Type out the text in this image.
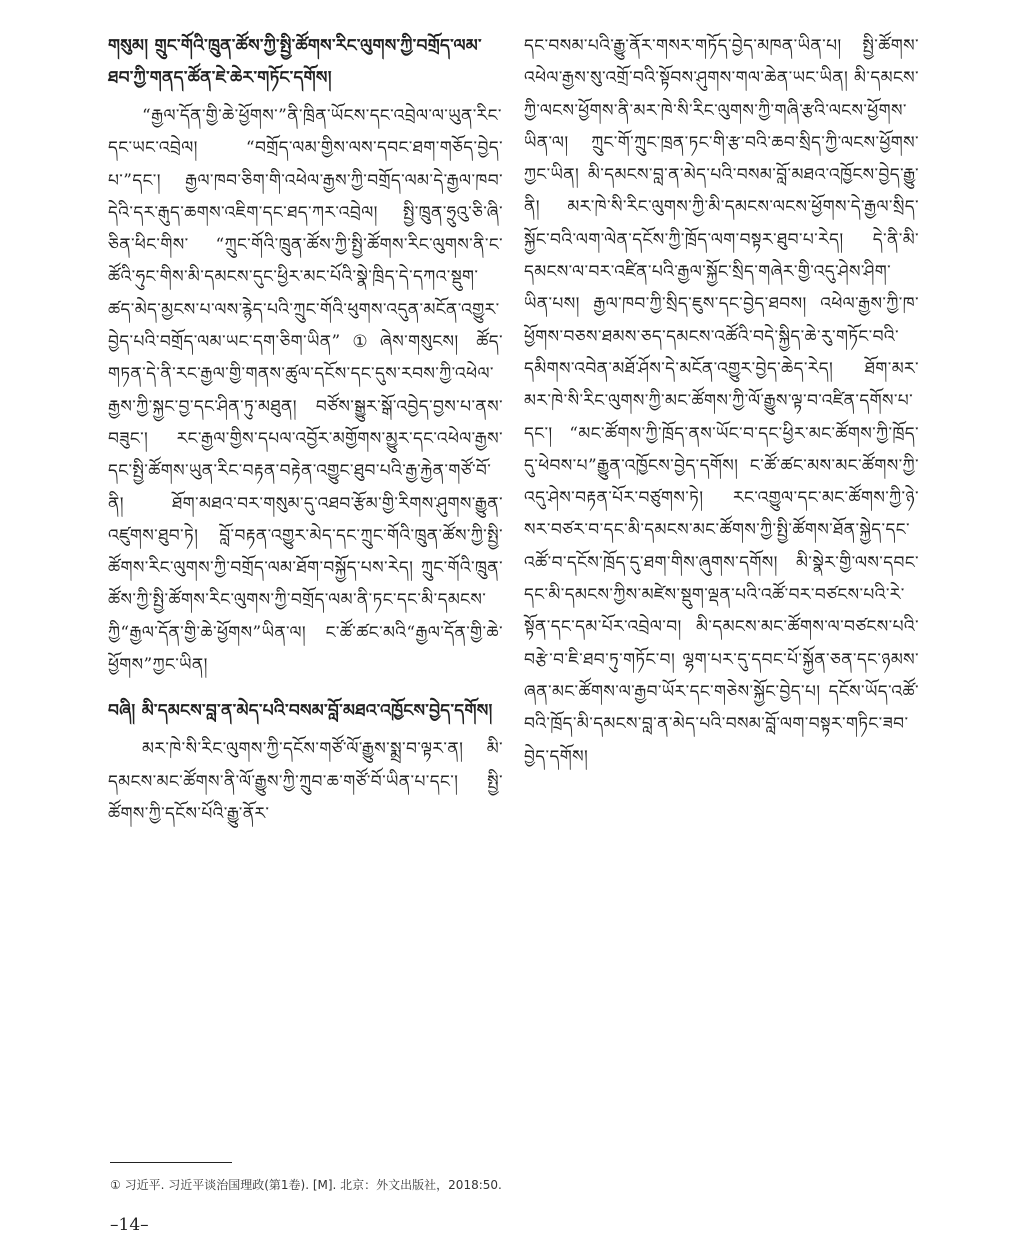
གསུམ། གྲུང་གོའི་ཁྲུན་ཚོས་ཀྱི་སྤྱི་ཚོགས་རིང་ལུགས་ཀྱི་བགྲོད་ལམ་ཐབ་ཀྱི་གནད་ཚོན་ཇེ་ཆེར་གཏོང་དགོས།

“རྒྱལ་དོན་གྱི་ཆེ་ཕྱོགས་”ནི་ཁྲིན་ཡོངས་དང་འབྲེལ་ལ་ཡུན་རིང་དང་ཡང་འབྲེལ། “བགྲོད་ལམ་གྱིས་ལས་དབང་ཐག་གཅོད་བྱེད་པ་”དང་། རྒྱལ་ཁབ་ཅིག་གི་འཕེལ་རྒྱས་ཀྱི་བགྲོད་ལམ་དེ་རྒྱལ་ཁབ་དེའི་དར་རྒུད་ཆགས་འཇིག་དང་ཐད་ཀར་འབྲེལ། སྤྱི་ཁྲུན་ཧྲུའུ་ཅི་ཞི་ཅིན་ཕིང་གིས་ “ཀྲུང་གོའི་ཁྲུན་ཚོས་ཀྱི་སྤྱི་ཚོགས་རིང་ལུགས་ནི་ང་ཚོའི་ཧུང་གིས་མི་དམངས་དུང་ཕྱིར་མང་པོའི་སྣེ་ཁྲིད་དེ་དཀའ་སྡུག་ཚད་མེད་མྱངས་པ་ལས་རྙེད་པའི་ཀྲུང་གོའི་ཕུགས་འདུན་མངོན་འགྱུར་བྱེད་པའི་བགྲོད་ལམ་ཡང་དག་ཅིག་ཡིན”①ཞེས་གསུངས། ཚོད་གཏན་དེ་ནི་རང་རྒྱལ་གྱི་གནས་ཚུལ་དངོས་དང་དུས་རབས་ཀྱི་འཕེལ་རྒྱས་ཀྱི་སྐྱང་བྱ་དང་ཤིན་ཏུ་མཐུན། བཙོས་སྒྱུར་སྒོ་འབྱེད་བྱས་པ་ནས་བཟུང་། རང་རྒྱལ་གྱིས་དཔལ་འབྱོར་མགྱོགས་མྱུར་དང་འཕེལ་རྒྱས་དང་སྤྱི་ཚོགས་ཡུན་རིང་བརྟན་བརྟེན་འགྱུང་ཐུབ་པའི་རྒྱ་རྐྱེན་གཙོ་བོ་ནི། ཐོག་མཐའ་བར་གསུམ་དུ་འཐབ་རྩོམ་གྱི་རིགས་ཤུགས་རྒྱུན་འཛུགས་ཐུབ་ཏེ། བློ་བརྟན་འགྱུར་མེད་དང་ཀྲུང་གོའི་ཁྲུན་ཚོས་ཀྱི་སྤྱི་ཚོགས་རིང་ལུགས་ཀྱི་བགྲོད་ལམ་ཐོག་བསྐྱོད་པས་རེད། ཀྲུང་གོའི་ཁྲུན་ཚོས་ཀྱི་སྤྱི་ཚོགས་རིང་ལུགས་ཀྱི་བགྲོད་ལམ་ནི་ཏང་དང་མི་དམངས་ཀྱི“རྒྱལ་དོན་གྱི་ཆེ་ཕྱོགས”ཡིན་ལ། ང་ཚོ་ཚང་མའི“རྒྱལ་དོན་གྱི་ཆེ་ཕྱོགས”ཀྱང་ཡིན།

བཞི། མི་དམངས་བླ་ན་མེད་པའི་བསམ་བློ་མཐའ་འཁྱོངས་བྱེད་དགོས།

མར་ཁེ་སི་རིང་ལུགས་ཀྱི་དངོས་གཙོ་ལོ་རྒྱུས་སྨྲ་བ་ལྟར་ན། མི་དམངས་མང་ཚོགས་ནི་ལོ་རྒྱུས་ཀྱི་ཀྲུབ་ཆ་གཙོ་བོ་ཡིན་པ་དང་། སྤྱི་ཚོགས་ཀྱི་དངོས་པོའི་རྒྱུ་ནོར་

དང་བསམ་པའི་རྒྱུ་ནོར་གསར་གཏོད་བྱེད་མཁན་ཡིན་པ། སྤྱི་ཚོགས་འཕེལ་རྒྱས་སུ་འགྲོ་བའི་སྟོབས་ཤུགས་གལ་ཆེན་ཡང་ཡིན། མི་དམངས་ཀྱི་ལངས་ཕྱོགས་ནི་མར་ཁེ་སི་རིང་ལུགས་ཀྱི་གཞི་རྩའི་ལངས་ཕྱོགས་ཡིན་ལ། ཀྲུང་གོ་ཀྲུང་ཁྲན་ཏང་གི་རྩ་བའི་ཆབ་སྲིད་ཀྱི་ལངས་ཕྱོགས་ཀྱང་ཡིན། མི་དམངས་བླ་ན་མེད་པའི་བསམ་བློ་མཐའ་འཁྱོངས་བྱེད་རྒྱུ་ནི། མར་ཁེ་སི་རིང་ལུགས་ཀྱི་མི་དམངས་ལངས་ཕྱོགས་དེ་རྒྱལ་སྲིད་སྐྱོང་བའི་ལག་ལེན་དངོས་ཀྱི་ཁྲོད་ལག་བསྟར་ཐུབ་པ་རེད། དེ་ནི་མི་དམངས་ལ་བར་འཛིན་པའི་རྒྱལ་སྐྱོང་སྲིད་གཞེར་གྱི་འདུ་ཤེས་ཤིག་ཡིན་པས། རྒྱལ་ཁབ་ཀྱི་སྲིད་ཇུས་དང་བྱེད་ཐབས། འཕེལ་རྒྱས་ཀྱི་ཁ་ཕྱོགས་བཅས་ཐམས་ཅད་དམངས་འཚོའི་བདེ་སྐྱིད་ཆེ་རུ་གཏོང་བའི་དམིགས་འབེན་མཐོ་ཤོས་དེ་མངོན་འགྱུར་བྱེད་ཆེད་རེད། ཐོག་མར་མར་ཁེ་སི་རིང་ལུགས་ཀྱི་མང་ཚོགས་ཀྱི་ལོ་རྒྱུས་ལྟ་བ་འཛིན་དགོས་པ་དང་། “མང་ཚོགས་ཀྱི་ཁྲོད་ནས་ཡོང་བ་དང་ཕྱིར་མང་ཚོགས་ཀྱི་ཁྲོད་དུ་ཕེབས་པ”རྒྱུན་འཁྱོངས་བྱེད་དགོས། ང་ཚོ་ཚང་མས་མང་ཚོགས་ཀྱི་འདུ་ཤེས་བརྟན་པོར་བཙུགས་ཏེ། རང་འགྱུལ་དང་མང་ཚོགས་ཀྱི་ཉེ་སར་བཙར་བ་དང་མི་དམངས་མང་ཚོགས་ཀྱི་སྤྱི་ཚོགས་ཐོན་སྐྱེད་དང་འཚོ་བ་དངོས་ཁྲོད་དུ་ཐག་གིས་ཞུགས་དགོས། མི་སྣེར་གྱི་ལས་དབང་དང་མི་དམངས་ཀྱིས་མཛེས་སྡུག་ལྡན་པའི་འཚོ་བར་བཙངས་པའི་རེ་སྟོན་དང་དམ་པོར་འབྲེལ་བ། མི་དམངས་མང་ཚོགས་ལ་བཙངས་པའི་བརྩེ་བ་ཇི་ཐབ་ཏུ་གཏོང་བ། ལྷག་པར་དུ་དབང་པོ་སྐྱོན་ཅན་དང་ཉམས་ཞན་མང་ཚོགས་ལ་རྒྱབ་ཡོར་དང་གཅེས་སྐྱོང་བྱེད་པ། དངོས་ཡོད་འཚོ་བའི་ཁྲོད་མི་དམངས་བླ་ན་མེད་པའི་བསམ་བློ་ལག་བསྟར་གཏིང་ཟབ་བྱེད་དགོས།

① 习近平. 习近平谈治国理政(第1卷). [M]. 北京：外文出版社，2018:50.
–14–
